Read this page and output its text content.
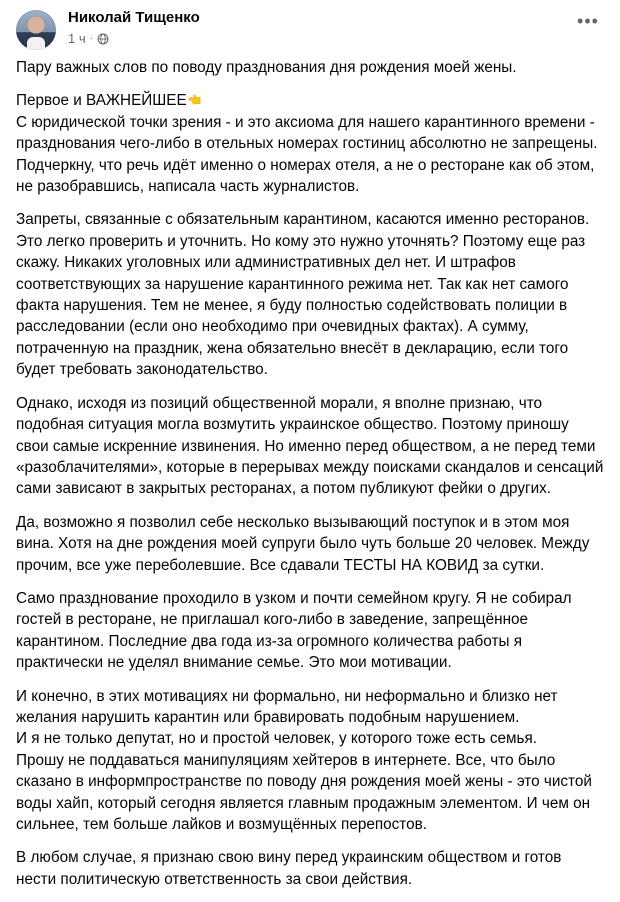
Николай Тищенко
1 ч ·
•••

Пару важных слов по поводу празднования дня рождения моей жены.

Первое и ВАЖНЕЙШЕЕ

С юридической точки зрения - и это аксиома для нашего карантинного времени - празднования чего-либо в отельных номерах гостиниц абсолютно не запрещены. Подчеркну, что речь идёт именно о номерах отеля, а не о ресторане как об этом, не разобравшись, написала часть журналистов.

Запреты, связанные с обязательным карантином, касаются именно ресторанов. Это легко проверить и уточнить. Но кому это нужно уточнять? Поэтому еще раз скажу. Никаких уголовных или административных дел нет. И штрафов соответствующих за нарушение карантинного режима нет. Так как нет самого факта нарушения. Тем не менее, я буду полностью содействовать полиции в расследовании (если оно необходимо при очевидных фактах). А сумму, потраченную на праздник, жена обязательно внесёт в декларацию, если того будет требовать законодательство.

Однако, исходя из позиций общественной морали, я вполне признаю, что подобная ситуация могла возмутить украинское общество. Поэтому приношу свои самые искренние извинения. Но именно перед обществом, а не перед теми «разоблачителями», которые в перерывах между поисками скандалов и сенсаций сами зависают в закрытых ресторанах, а потом публикуют фейки о других.

Да, возможно я позволил себе несколько вызывающий поступок и в этом моя вина. Хотя на дне рождения моей супруги было чуть больше 20 человек. Между прочим, все уже переболевшие. Все сдавали ТЕСТЫ НА КОВИД за сутки.

Само празднование проходило в узком и почти семейном кругу. Я не собирал гостей в ресторане, не приглашал кого-либо в заведение, запрещённое карантином. Последние два года из-за огромного количества работы я практически не уделял внимание семье. Это мои мотивации.

И конечно, в этих мотивациях ни формально, ни неформально и близко нет желания нарушить карантин или бравировать подобным нарушением.

И я не только депутат, но и простой человек, у которого тоже есть семья.

Прошу не поддаваться манипуляциям хейтеров в интернете. Все, что было сказано в информпространстве по поводу дня рождения моей жены - это чистой воды хайп, который сегодня является главным продажным элементом. И чем он сильнее, тем больше лайков и возмущённых перепостов.

В любом случае, я признаю свою вину перед украинским обществом и готов нести политическую ответственность за свои действия.
